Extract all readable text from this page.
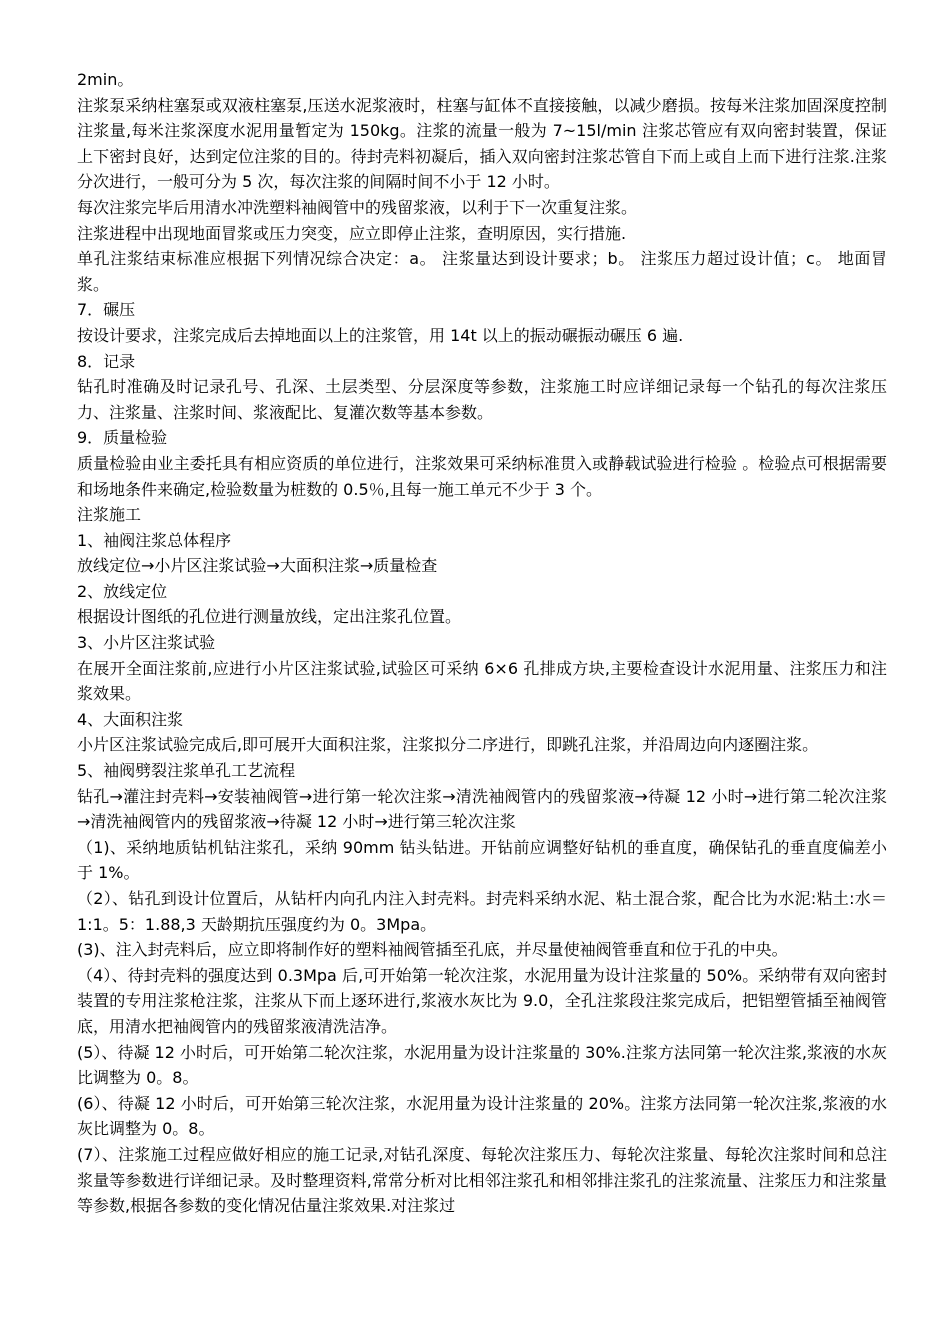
2min。

注浆泵采纳柱塞泵或双液柱塞泵,压送水泥浆液时，柱塞与缸体不直接接触，以减少磨损。按每米注浆加固深度控制注浆量,每米注浆深度水泥用量暂定为 150kg。注浆的流量一般为 7~15l/min 注浆芯管应有双向密封装置，保证上下密封良好，达到定位注浆的目的。待封壳料初凝后，插入双向密封注浆芯管自下而上或自上而下进行注浆.注浆分次进行，一般可分为 5 次，每次注浆的间隔时间不小于 12 小时。

每次注浆完毕后用清水冲洗塑料袖阀管中的残留浆液，以利于下一次重复注浆。

注浆进程中出现地面冒浆或压力突变，应立即停止注浆，查明原因，实行措施.

单孔注浆结束标准应根据下列情况综合决定：a。 注浆量达到设计要求；b。 注浆压力超过设计值；c。 地面冒浆。

7．碾压

按设计要求，注浆完成后去掉地面以上的注浆管，用 14t 以上的振动碾振动碾压 6 遍.

8．记录

钻孔时准确及时记录孔号、孔深、土层类型、分层深度等参数，注浆施工时应详细记录每一个钻孔的每次注浆压力、注浆量、注浆时间、浆液配比、复灌次数等基本参数。

9．质量检验

质量检验由业主委托具有相应资质的单位进行，注浆效果可采纳标准贯入或静载试验进行检验 。检验点可根据需要和场地条件来确定,检验数量为桩数的 0.5％,且每一施工单元不少于 3 个。

注浆施工

1、袖阀注浆总体程序

放线定位→小片区注浆试验→大面积注浆→质量检查

2、放线定位

根据设计图纸的孔位进行测量放线，定出注浆孔位置。

3、小片区注浆试验

在展开全面注浆前,应进行小片区注浆试验,试验区可采纳 6×6 孔排成方块,主要检查设计水泥用量、注浆压力和注浆效果。

4、大面积注浆

小片区注浆试验完成后,即可展开大面积注浆，注浆拟分二序进行，即跳孔注浆，并沿周边向内逐圈注浆。

5、袖阀劈裂注浆单孔工艺流程

钻孔→灌注封壳料→安装袖阀管→进行第一轮次注浆→清洗袖阀管内的残留浆液→待凝 12 小时→进行第二轮次注浆→清洗袖阀管内的残留浆液→待凝 12 小时→进行第三轮次注浆

（1)、采纳地质钻机钻注浆孔，采纳 90mm 钻头钻进。开钻前应调整好钻机的垂直度，确保钻孔的垂直度偏差小于 1%。

（2）、钻孔到设计位置后，从钻杆内向孔内注入封壳料。封壳料采纳水泥、粘土混合浆，配合比为水泥:粘土:水＝1:1。5：1.88,3 天龄期抗压强度约为 0。3Mpa。

(3)、注入封壳料后，应立即将制作好的塑料袖阀管插至孔底，并尽量使袖阀管垂直和位于孔的中央。

（4）、待封壳料的强度达到 0.3Mpa 后,可开始第一轮次注浆，水泥用量为设计注浆量的 50%。采纳带有双向密封装置的专用注浆枪注浆，注浆从下而上逐环进行,浆液水灰比为 9.0，全孔注浆段注浆完成后，把铝塑管插至袖阀管底，用清水把袖阀管内的残留浆液清洗洁净。

(5）、待凝 12 小时后，可开始第二轮次注浆，水泥用量为设计注浆量的 30%.注浆方法同第一轮次注浆,浆液的水灰比调整为 0。8。

(6）、待凝 12 小时后，可开始第三轮次注浆，水泥用量为设计注浆量的 20%。注浆方法同第一轮次注浆,浆液的水灰比调整为 0。8。

(7）、注浆施工过程应做好相应的施工记录,对钻孔深度、每轮次注浆压力、每轮次注浆量、每轮次注浆时间和总注浆量等参数进行详细记录。及时整理资料,常常分析对比相邻注浆孔和相邻排注浆孔的注浆流量、注浆压力和注浆量等参数,根据各参数的变化情况估量注浆效果.对注浆过
